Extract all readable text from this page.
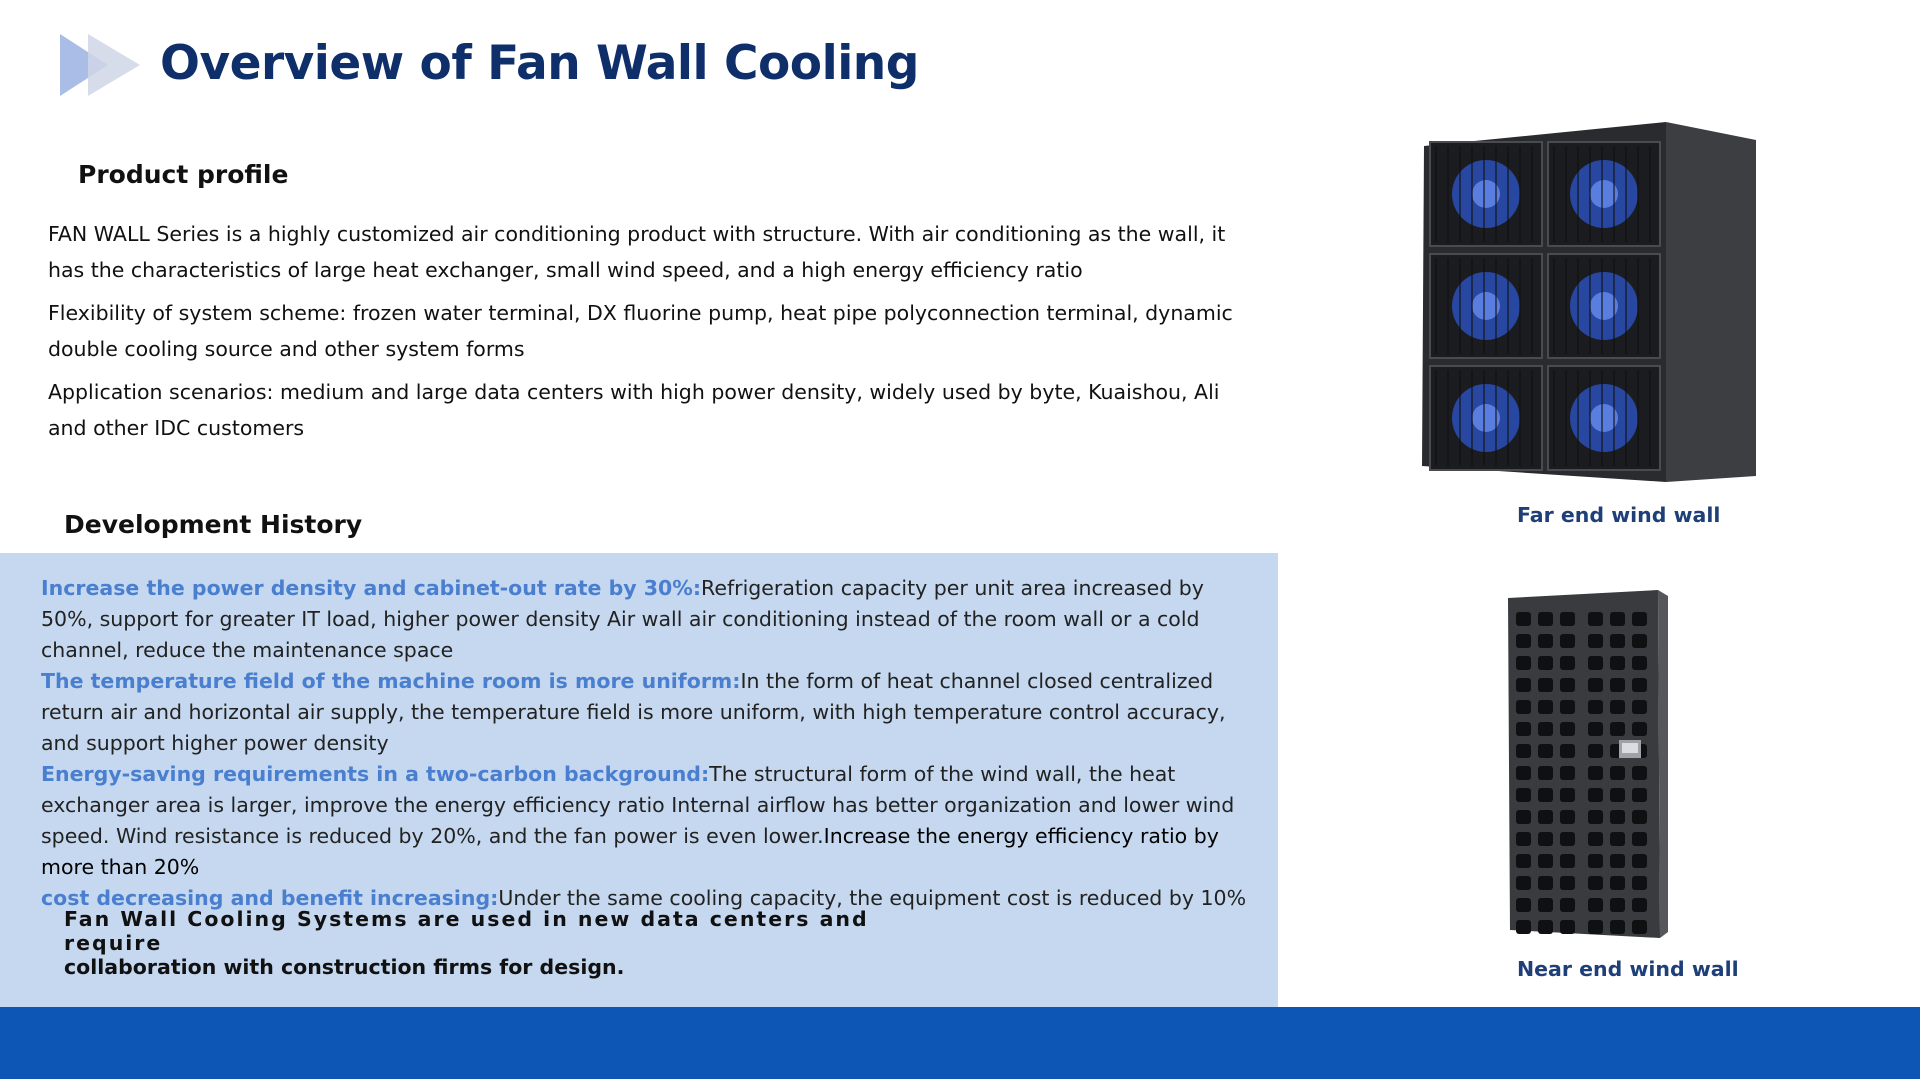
Overview of Fan Wall Cooling
Product profile

FAN WALL Series is a highly customized air conditioning product with structure. With air conditioning as the wall, it has the characteristics of large heat exchanger, small wind speed, and a high energy efficiency ratio

Flexibility of system scheme: frozen water terminal, DX fluorine pump, heat pipe polyconnection terminal, dynamic double cooling source and other system forms

Application scenarios: medium and large data centers with high power density, widely used by byte, Kuaishou, Ali and other IDC customers

Development History
Increase the power density and cabinet-out rate by 30%:Refrigeration capacity per unit area increased by 50%, support for greater IT load, higher power density Air wall air conditioning instead of the room wall or a cold channel, reduce the maintenance space
The temperature field of the machine room is more uniform:In the form of heat channel closed centralized return air and horizontal air supply, the temperature field is more uniform, with high temperature control accuracy, and support higher power density
Energy-saving requirements in a two-carbon background:The structural form of the wind wall, the heat exchanger area is larger, improve the energy efficiency ratio Internal airflow has better organization and lower wind speed. Wind resistance is reduced by 20%, and the fan power is even lower.Increase the energy efficiency ratio by more than 20%
cost decreasing and benefit increasing:Under the same cooling capacity, the equipment cost is reduced by 10%

Fan Wall Cooling Systems are used in new data centers and require
collaboration with construction firms for design.

Far end wind wall
Near end wind wall
